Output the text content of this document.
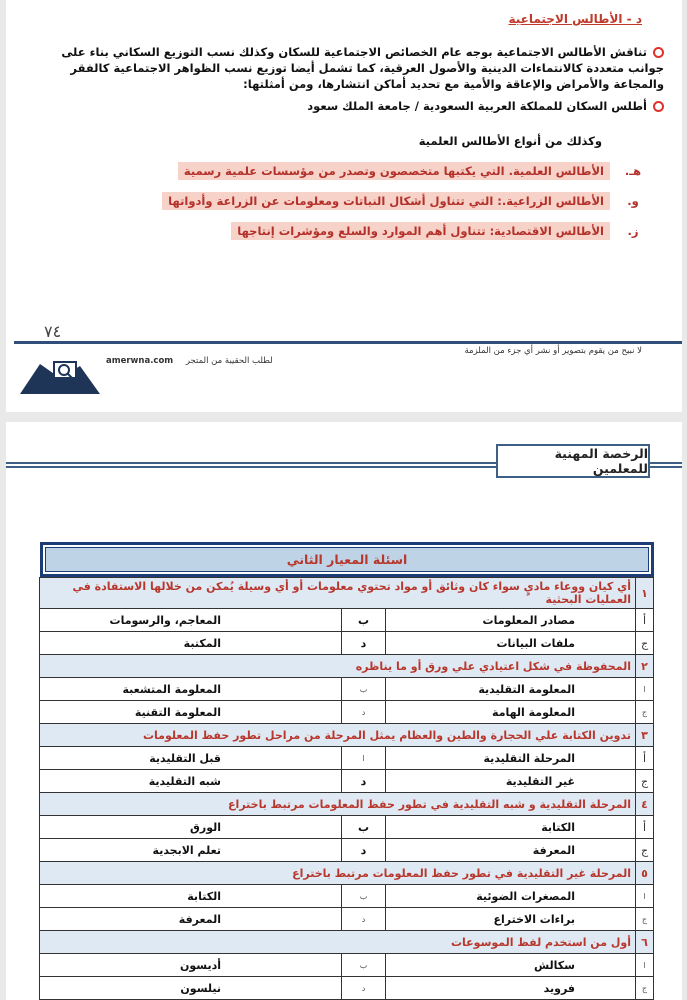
د - الأطالس الاجتماعية
تناقش الأطالس الاجتماعية بوجه عام الخصائص الاجتماعية للسكان وكذلك نسب التوزيع السكاني بناء على جوانب متعددة كالانتماءات الدينية والأصول العرقية، كما تشمل أيضا توزيع نسب الظواهر الاجتماعية كالفقر والمجاعة والأمراض والإعاقة والأمية مع تحديد أماكن انتشارها، ومن أمثلتها:
أطلس السكان للمملكة العربية السعودية / جامعة الملك سعود
وكذلك من أنواع الأطالس العلمية
هـ.
الأطالس العلمية. التي يكتبها متخصصون وتصدر من مؤسسات علمية رسمية
و.
الأطالس الزراعية.: التي تتناول أشكال النباتات ومعلومات عن الزراعة وأدواتها
ز.
الأطالس الاقتصادية: تتناول أهم الموارد والسلع ومؤشرات إنتاجها
٧٤
لا نبيح من يقوم بتصوير أو نشر أي جزء من الملزمة
لطلب الحقيبة من المتجر amerwna.com
الرخصة المهنية للمعلمين
اسئلة المعيار الثاني
١	أي كيان ووعاء ماديٍ سواء كان وثائق أو مواد تحتوي معلومات أو أي وسيلة يُمكن من خلالها الاستفادة في العمليات البحثية		
أ	مصادر المعلومات	ب	المعاجم، والرسومات
ج	ملفات البيانات	د	المكتبة
٢	المحفوظة في شكل اعتيادي علي ورق أو ما يناظره		
ا	المعلومة التقليدية	ب	المعلومة المتشعبة
ج	المعلومة الهامة	د	المعلومة التقنية
٣	تدوين الكتابة علي الحجارة والطين والعظام يمثل المرحلة من مراحل تطور حفظ المعلومات		
أ	المرحلة التقليدية	ا	قبل التقليدية
ج	غير التقليدية	د	شبه التقليدية
٤	المرحلة التقليدية و شبه التقليدية في تطور حفظ المعلومات مرتبط باختراع		
أ	الكتابة	ب	الورق
ج	المعرفة	د	تعلم الابجدية
٥	المرحلة غير التقليدية في تطور حفظ المعلومات مرتبط باختراع		
ا	المصغرات الضوئية	ب	الكتابة
ج	براءات الاختراع	د	المعرفة
٦	أول من استخدم لفظ الموسوعات		
ا	سكالش	ب	أديسون
ج	فرويد	د	نيلسون
